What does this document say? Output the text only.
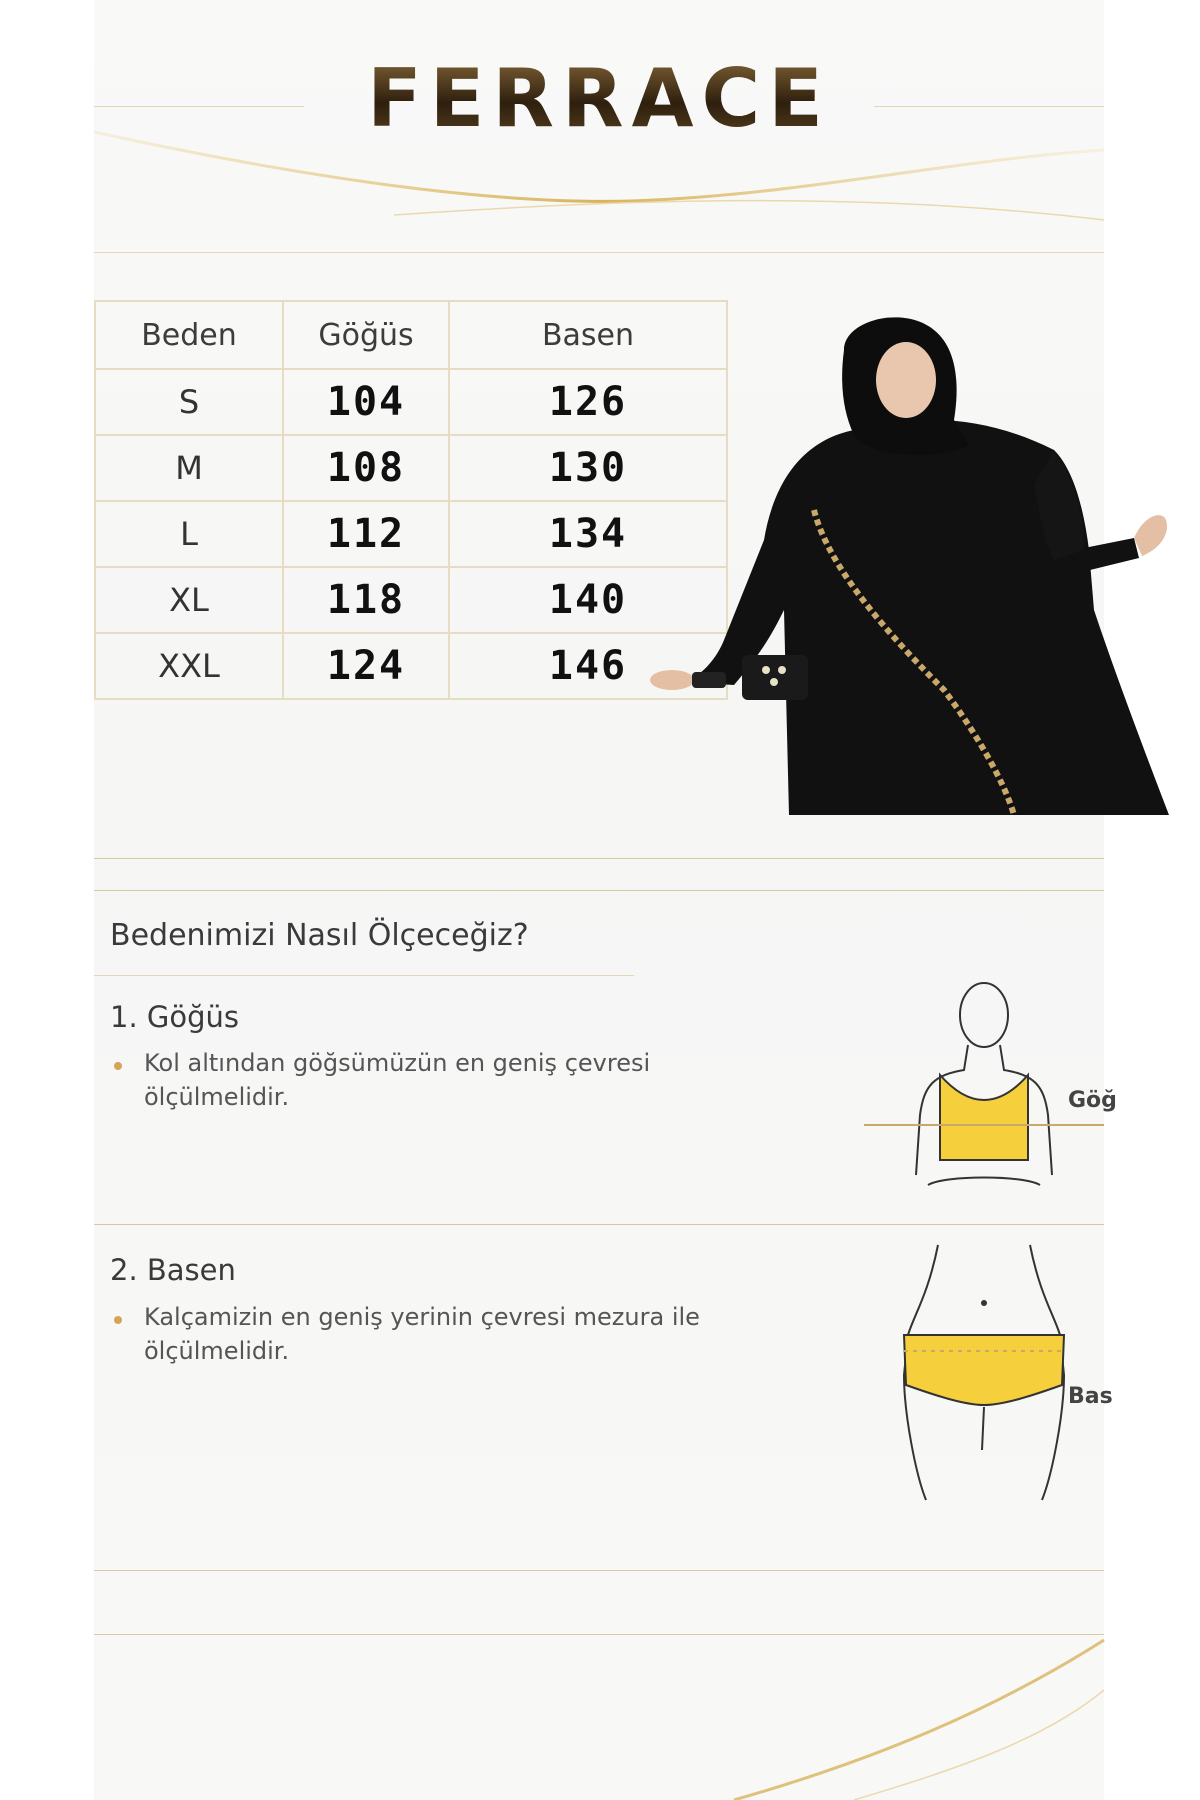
FERRACE
Beden	Göğüs	Basen
S	104	126
M	108	130
L	112	134
XL	118	140
XXL	124	146
Bedenimizi Nasıl Ölçeceğiz?
1. Göğüs
Kol altından göğsümüzün en geniş çevresi ölçülmelidir.
2. Basen
Kalçamizin en geniş yerinin çevresi mezura ile ölçülmelidir.
Göğ
Bas
